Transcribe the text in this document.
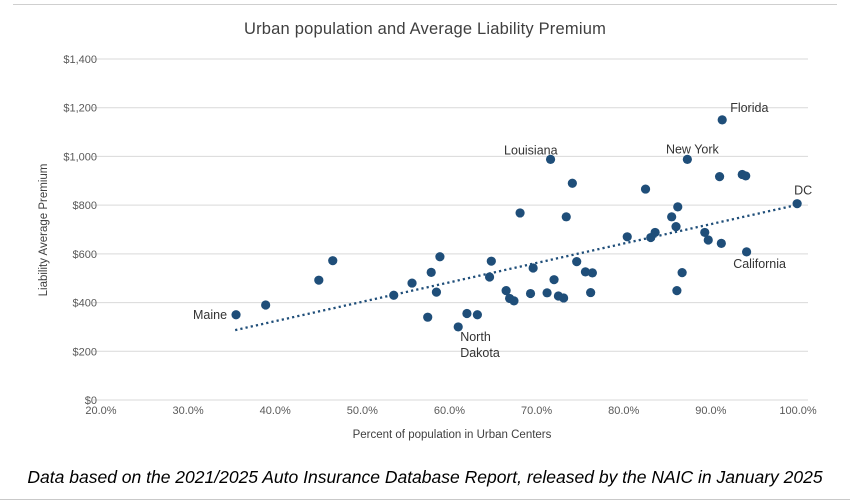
Urban population and Average Liability Premium
$0
$200
$400
$600
$800
$1,000
$1,200
$1,400
20.0%	30.0%	40.0%	50.0%	60.0%	70.0%	80.0%	90.0%	100.0%
Percent of population in Urban Centers
Liability Average Premium
Maine
North Dakota
Louisiana	New York
Florida
California
DC
Data based on the 2021/2025 Auto Insurance Database Report, released by the NAIC in January 2025
